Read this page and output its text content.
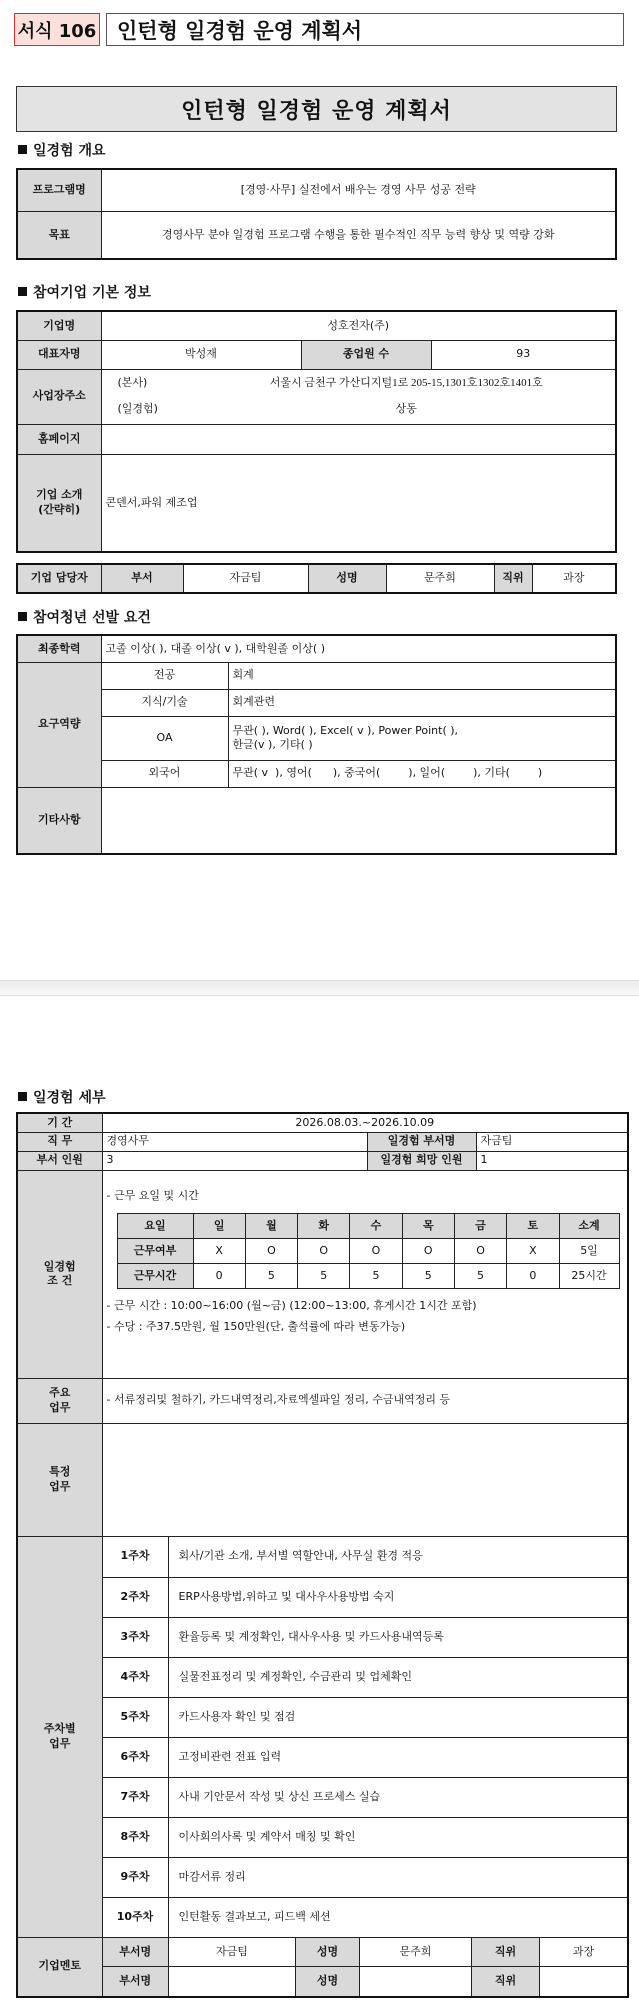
서식 106 인턴형 일경험 운영 계획서
인턴형 일경험 운영 계획서
일경험 개요
프로그램명	[경영·사무] 실전에서 배우는 경영 사무 성공 전략
목표	경영사무 분야 일경험 프로그램 수행을 통한 필수적인 직무 능력 향상 및 역량 강화
참여기업 기본 정보
기업명	성호전자(주)		
대표자명	박성재	종업원 수	93
사업장주소	(본사) 서울시 금천구 가산디지털1로 205-15,1301호1302호1401호
(일경험) 상동		

홈페이지			
기업 소개
(간략히)	콘덴서,파워 제조업		
기업 담당자	부서	자금팀	성명	문주희	직위	과장
참여청년 선발 요건
최종학력	고졸 이상( ), 대졸 이상( v ), 대학원졸 이상( )	
요구역량	전공	회계
	지식/기술	회계관련
	OA	무관( ), Word( ), Excel( v ), Power Point( ),
한글(v ), 기타( )

	외국어	무관( v  ), 영어(      ), 중국어(        ), 일어(        ), 기타(        )
기타사항		
일경험 세부
기 간	2026.08.03.~2026.10.09
직 무	경영사무	일경험 부서명	자금팀
부서 인원	3	일경험 희망 인원	1
일경험
조 건	
- 근무 요일 및 시간
요일	일	월	화	수	목	금	토	소계
근무여부	X	O	O	O	O	O	X	5일
근무시간	0	5	5	5	5	5	0	25시간
- 근무 시간 : 10:00~16:00 (월~금) (12:00~13:00, 휴게시간 1시간 포함)
- 수당 : 주37.5만원, 월 150만원(단, 출석률에 따라 변동가능)

주요
업무	- 서류정리및 철하기, 카드내역정리,자료엑셀파일 정리, 수금내역정리 등
특정
업무	
주차별
업무	1주차	회사/기관 소개, 부서별 역할안내, 사무실 환경 적응
2주차	ERP사용방법,위하고 및 대사우사용방법 숙지
3주차	환율등록 및 계정확인, 대사우사용 및 카드사용내역등록
4주차	실물전표정리 및 계정확인, 수금관리 및 업체확인
5주차	카드사용자 확인 및 점검
6주차	고정비관련 전표 입력
7주차	사내 기안문서 작성 및 상신 프로세스 실습
8주차	이사회의사록 및 계약서 매칭 및 확인
9주차	마감서류 정리
10주차	인턴활동 결과보고, 피드백 세션
기업멘토	
부서명	자금팀	성명	문주희	직위	과장
부서명		성명		직위	
